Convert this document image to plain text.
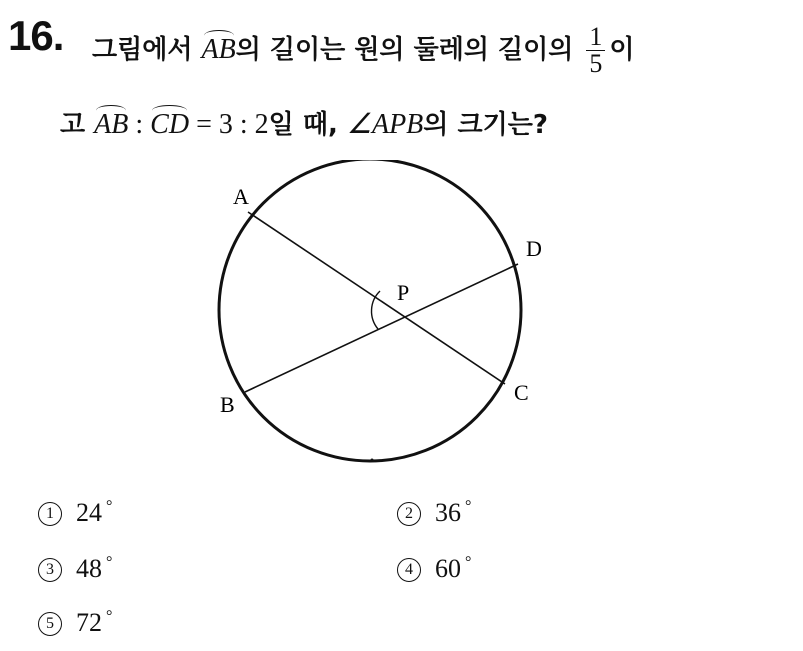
16. 그림에서 AB의 길이는 원의 둘레의 길이의 $\frac{1}{5}$ 이
고 AB : CD = 3 : 2일 때, ∠APB의 크기는?
A
B	C
D
P
1 24 °	2 36 °
3 48 °	4 60 °
5 72 °
